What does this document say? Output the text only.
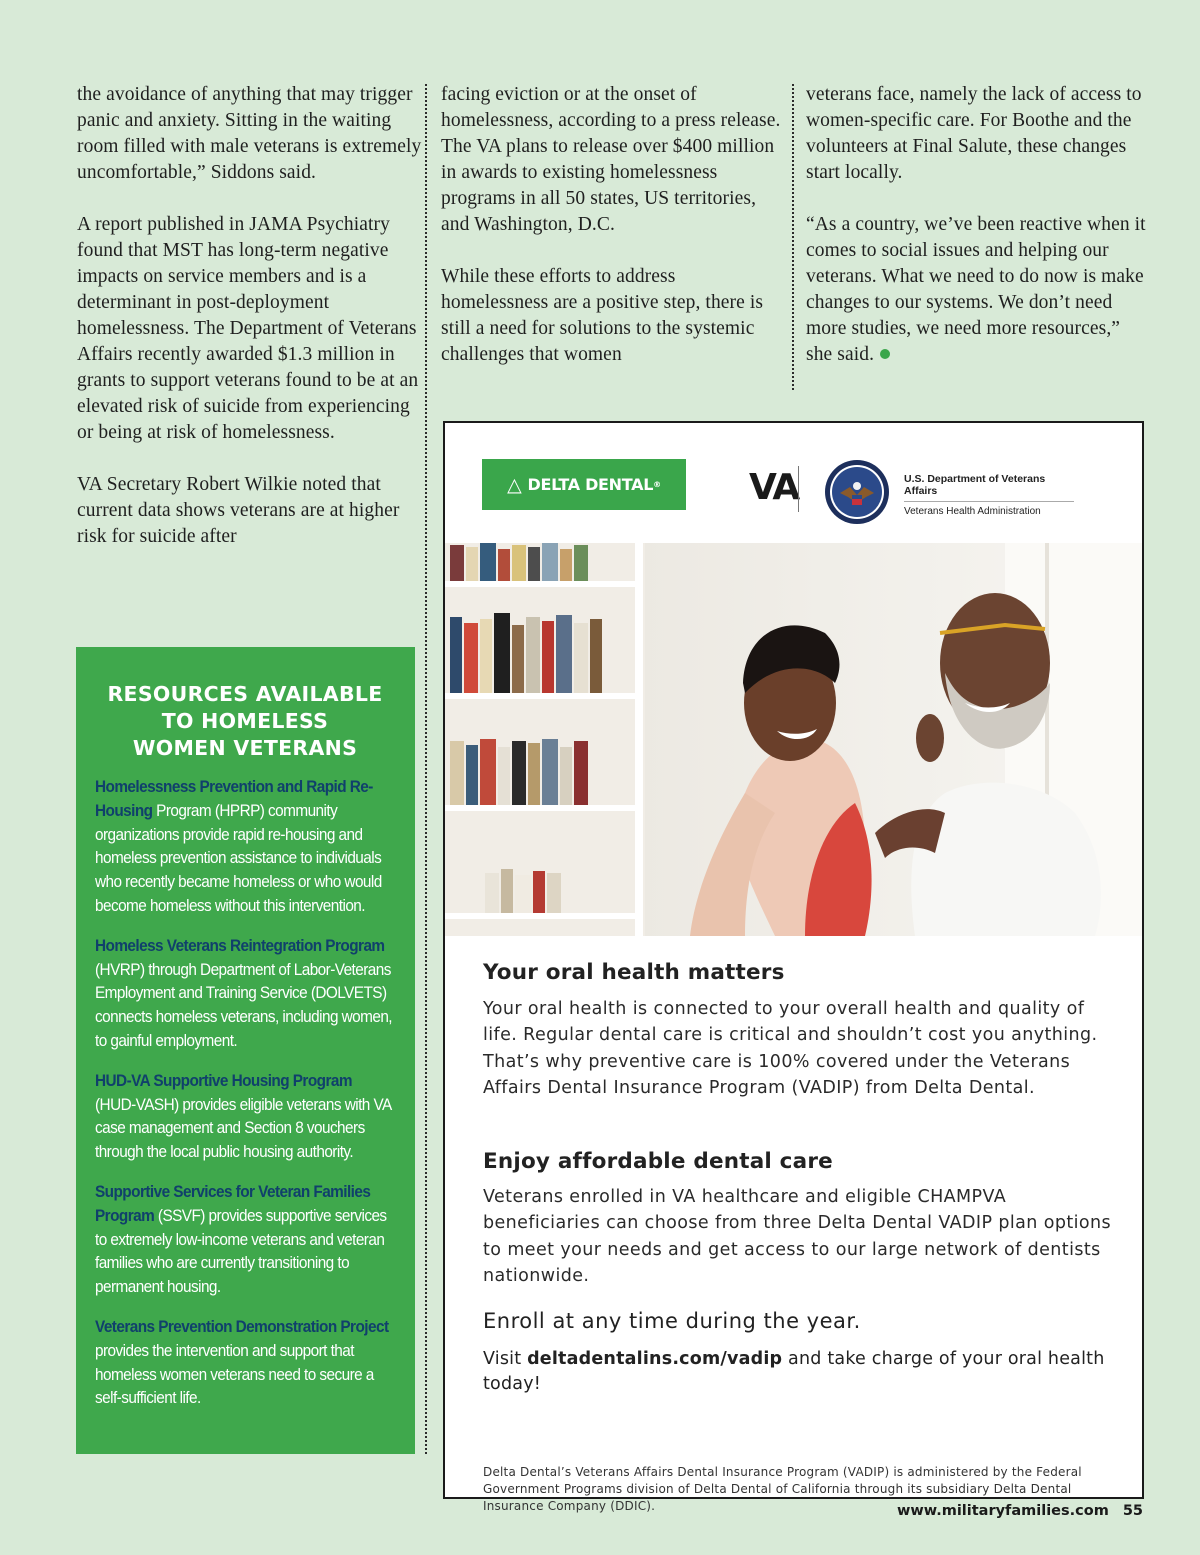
the avoidance of anything that may trigger panic and anxiety. Sitting in the waiting room filled with male veterans is extremely uncomfortable,” Siddons said.

A report published in JAMA Psychiatry found that MST has long-term negative impacts on service members and is a determinant in post-deployment homelessness. The Department of Veterans Affairs recently awarded $1.3 million in grants to support veterans found to be at an elevated risk of suicide from experiencing or being at risk of homelessness.

VA Secretary Robert Wilkie noted that current data shows veterans are at higher risk for suicide after

facing eviction or at the onset of homelessness, according to a press release. The VA plans to release over $400 million in awards to existing homelessness programs in all 50 states, US territories, and Washington, D.C.

While these efforts to address homelessness are a positive step, there is still a need for solutions to the systemic challenges that women

veterans face, namely the lack of access to women-specific care. For Boothe and the volunteers at Final Salute, these changes start locally.

“As a country, we’ve been reactive when it comes to social issues and helping our veterans. What we need to do now is make changes to our systems. We don’t need more studies, we need more resources,” she said.

RESOURCES AVAILABLE
TO HOMELESS
WOMEN VETERANS
Homelessness Prevention and Rapid Re-Housing Program (HPRP) community organizations provide rapid re-housing and homeless prevention assistance to individuals who recently became homeless or who would become homeless without this intervention.
Homeless Veterans Reintegration Program (HVRP) through Department of Labor-Veterans Employment and Training Service (DOLVETS) connects homeless veterans, including women, to gainful employment.
HUD-VA Supportive Housing Program (HUD-VASH) provides eligible veterans with VA case management and Section 8 vouchers through the local public housing authority.
Supportive Services for Veteran Families Program (SSVF) provides supportive services to extremely low-income veterans and veteran families who are currently transitioning to permanent housing.
Veterans Prevention Demonstration Project provides the intervention and support that homeless women veterans need to secure a self-sufficient life.
△ DELTA DENTAL ® VA	U.S. Department of Veterans Affairs
Veterans Health Administration
Your oral health matters
Your oral health is connected to your overall health and quality of life. Regular dental care is critical and shouldn’t cost you anything. That’s why preventive care is 100% covered under the Veterans Affairs Dental Insurance Program (VADIP) from Delta Dental.
Enjoy affordable dental care
Veterans enrolled in VA healthcare and eligible CHAMPVA beneficiaries can choose from three Delta Dental VADIP plan options to meet your needs and get access to our large network of dentists nationwide.
Enroll at any time during the year.
Visit deltadentalins.com/vadip and take charge of your oral health today!
Delta Dental’s Veterans Affairs Dental Insurance Program (VADIP) is administered by the Federal Government Programs division of Delta Dental of California through its subsidiary Delta Dental Insurance Company (DDIC).	www.militaryfamilies.com 55
